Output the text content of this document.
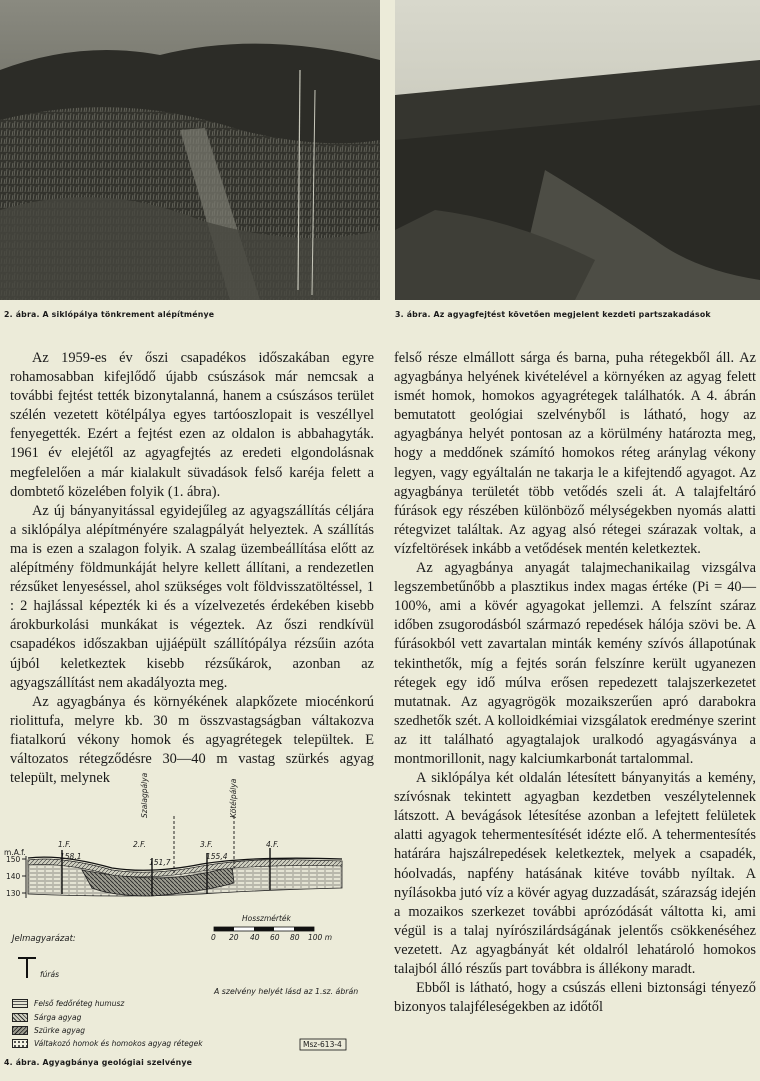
2. ábra. A siklópálya tönkrement alépítménye	3. ábra. Az agyagfejtést követően megjelent kezdeti partszakadások

Az 1959-es év őszi csapadékos időszakában egyre rohamosabban kifejlődő újabb csúszások már nemcsak a további fejtést tették bizonytalanná, hanem a csúszásos terület szélén vezetett kötélpálya egyes tartóoszlopait is veszéllyel fenyegették. Ezért a fejtést ezen az oldalon is abbahagyták. 1961 év elejétől az agyagfejtés az eredeti elgondolásnak megfelelően a már kialakult süvadások felső karéja felett a dombtető közelében folyik (1. ábra).

Az új bányanyitással egyidejűleg az agyagszállítás céljára a siklópálya alépítményére szalagpályát helyeztek. A szállítás ma is ezen a szalagon folyik. A szalag üzembeállítása előtt az alépítmény földmunkáját helyre kellett állítani, a rendezetlen rézsűket lenyeséssel, ahol szükséges volt földvisszatöltéssel, 1 : 2 hajlással képezték ki és a vízelvezetés érdekében kisebb árokburkolási munkákat is végeztek. Az őszi rendkívül csapadékos időszakban ujjáépült szállítópálya rézsűin azóta újból keletkeztek kisebb rézsűkárok, azonban az agyagszállítást nem akadályozta meg.

Az agyagbánya és környékének alapkőzete miocénkorú riolittufa, melyre kb. 30 m összvastagságban váltakozva fiatalkorú vékony homok és agyagrétegek települtek. E változatos rétegződésre 30—40 m vastag szürkés agyag települt, melynek

felső része elmállott sárga és barna, puha rétegekből áll. Az agyagbánya helyének kivételével a környéken az agyag felett ismét homok, homokos agyagrétegek találhatók. A 4. ábrán bemutatott geológiai szelvényből is látható, hogy az agyagbánya helyét pontosan az a körülmény határozta meg, hogy a meddőnek számító homokos réteg aránylag vékony legyen, vagy egyáltalán ne takarja le a kifejtendő agyagot. Az agyagbánya területét több vetődés szeli át. A talajfeltáró fúrások egy részében különböző mélységekben nyomás alatti rétegvizet találtak. Az agyag alsó rétegei szárazak voltak, a vízfeltörések inkább a vetődések mentén keletkeztek.

Az agyagbánya anyagát talajmechanikailag vizsgálva legszembetűnőbb a plasztikus index magas értéke (Pi = 40—100%, ami a kövér agyagokat jellemzi. A felszínt száraz időben zsugorodásból származó repedések hálója szövi be. A fúrásokból vett zavartalan minták kemény szívós állapotúnak tekinthetők, míg a fejtés során felszínre került ugyanezen rétegek egy idő múlva erősen repedezett talajszerkezetet mutatnak. Az agyagrögök mozaikszerűen apró darabokra szedhetők szét. A kolloidkémiai vizsgálatok eredménye szerint az itt található agyagtalajok uralkodó agyagásványa a montmorillonit, nagy kalciumkarbonát tartalommal.

A siklópálya két oldalán létesített bányanyitás a kemény, szívósnak tekintett agyagban kezdetben veszélytelennek látszott. A bevágások létesítése azonban a lefejtett felületek alatti agyagok tehermentesítését idézte elő. A tehermentesítés határára hajszálrepedések keletkeztek, melyek a csapadék, hóolvadás, napfény hatásának kitéve tovább nyíltak. A nyílásokba jutó víz a kövér agyag duzzadását, szárazság idején a mozaikos szerkezet további aprózódását váltotta ki, ami végül is a talaj nyírószilárdságának jelentős csökkenéséhez vezetett. Az agyagbányát két oldalról lehatároló homokos talajból álló részűs part továbbra is állékony maradt.

Ebből is látható, hogy a csúszás elleni biztonsági tényező bizonyos talajféleségekben az időtől

m.A.f.
150
140
130
1.F.	2.F.	3.F.	4.F.
158,1
151,7
155,4
Szalagpálya	Kötélpálya
Hosszmérték
0 20 40 60 80 100 m
Jelmagyarázat:
fúrás
A szelvény helyét lásd az 1.sz. ábrán
Felső fedőréteg humusz
Sárga agyag
Szürke agyag
Váltakozó homok és homokos agyag rétegek	Msz-613-4
4. ábra. Agyagbánya geológiai szelvénye
